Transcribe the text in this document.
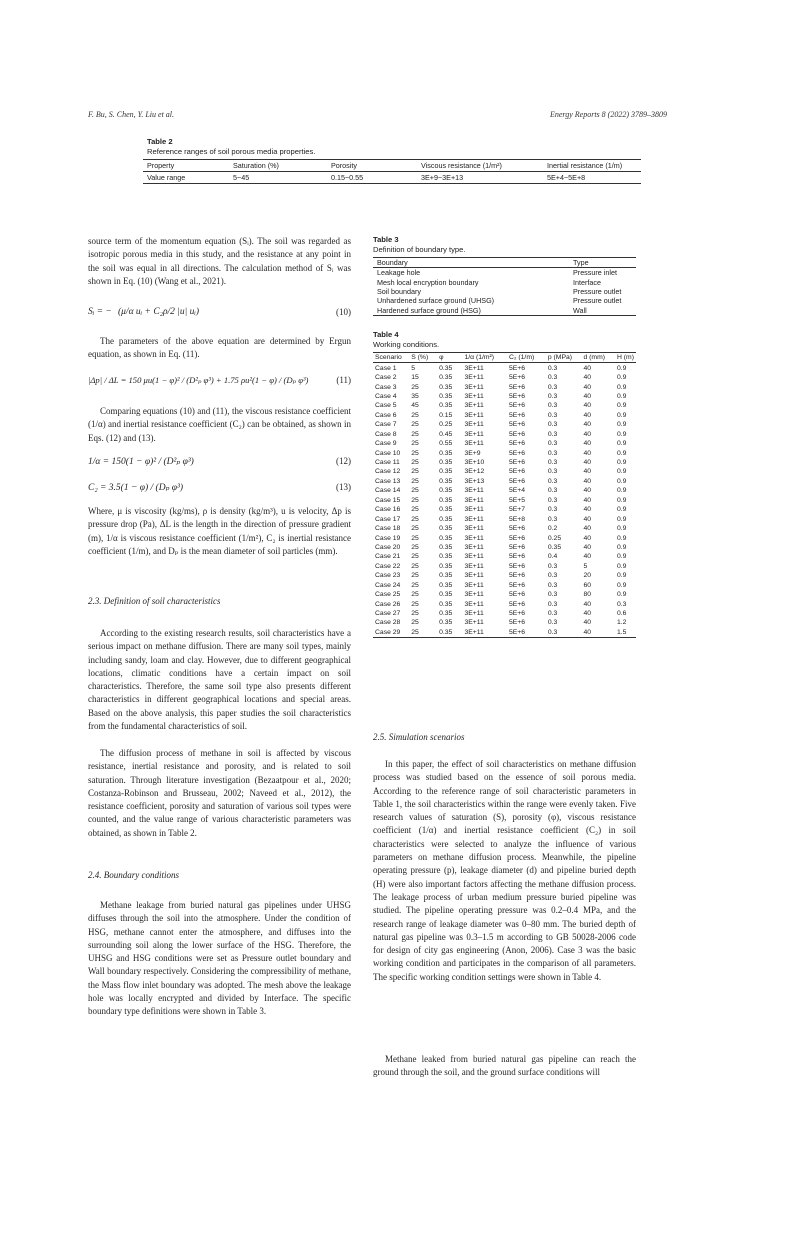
F. Bu, S. Chen, Y. Liu et al.	Energy Reports 8 (2022) 3789–3809
Table 2
Reference ranges of soil porous media properties.
Property	Saturation (%)	Porosity	Viscous resistance (1/m²)	Inertial resistance (1/m)
Value range	5~45	0.15~0.55	3E+9~3E+13	5E+4~5E+8

source term of the momentum equation (Sᵢ). The soil was regarded as isotropic porous media in this study, and the resistance at any point in the soil was equal in all directions. The calculation method of Sᵢ was shown in Eq. (10) (Wang et al., 2021).

Sᵢ = − (μ/α uᵢ + C₂ρ/2 |u| uᵢ)	(10)

The parameters of the above equation are determined by Ergun equation, as shown in Eq. (11).

|Δp| / ΔL = 150 μu(1 − φ)² / (D²ₚ φ³) + 1.75 ρu²(1 − φ) / (Dₚ φ³)	(11)

Comparing equations (10) and (11), the viscous resistance coefficient (1/α) and inertial resistance coefficient (C₂) can be obtained, as shown in Eqs. (12) and (13).

1/α = 150(1 − φ)² / (D²ₚ φ³)	(12)
C₂ = 3.5(1 − φ) / (Dₚ φ³)	(13)

Where, μ is viscosity (kg/ms), ρ is density (kg/m³), u is velocity, Δp is pressure drop (Pa), ΔL is the length in the direction of pressure gradient (m), 1/α is viscous resistance coefficient (1/m²), C₂ is inertial resistance coefficient (1/m), and Dₚ is the mean diameter of soil particles (mm).

2.3. Definition of soil characteristics

According to the existing research results, soil characteristics have a serious impact on methane diffusion. There are many soil types, mainly including sandy, loam and clay. However, due to different geographical locations, climatic conditions have a certain impact on soil characteristics. Therefore, the same soil type also presents different characteristics in different geographical locations and special areas. Based on the above analysis, this paper studies the soil characteristics from the fundamental characteristics of soil.

The diffusion process of methane in soil is affected by viscous resistance, inertial resistance and porosity, and is related to soil saturation. Through literature investigation (Bezaatpour et al., 2020; Costanza-Robinson and Brusseau, 2002; Naveed et al., 2012), the resistance coefficient, porosity and saturation of various soil types were counted, and the value range of various characteristic parameters was obtained, as shown in Table 2.

2.4. Boundary conditions

Methane leakage from buried natural gas pipelines under UHSG diffuses through the soil into the atmosphere. Under the condition of HSG, methane cannot enter the atmosphere, and diffuses into the surrounding soil along the lower surface of the HSG. Therefore, the UHSG and HSG conditions were set as Pressure outlet boundary and Wall boundary respectively. Considering the compressibility of methane, the Mass flow inlet boundary was adopted. The mesh above the leakage hole was locally encrypted and divided by Interface. The specific boundary type definitions were shown in Table 3.

Table 3
Definition of boundary type.
Boundary	Type
Leakage hole	Pressure inlet
Mesh local encryption boundary	Interface
Soil boundary	Pressure outlet
Unhardened surface ground (UHSG)	Pressure outlet
Hardened surface ground (HSG)	Wall
Table 4
Working conditions.
Scenario	S (%)	φ	1/α (1/m²)	C₂ (1/m)	p (MPa)	d (mm)	H (m)
Case 1	5	0.35	3E+11	5E+6	0.3	40	0.9
Case 2	15	0.35	3E+11	5E+6	0.3	40	0.9
Case 3	25	0.35	3E+11	5E+6	0.3	40	0.9
Case 4	35	0.35	3E+11	5E+6	0.3	40	0.9
Case 5	45	0.35	3E+11	5E+6	0.3	40	0.9
Case 6	25	0.15	3E+11	5E+6	0.3	40	0.9
Case 7	25	0.25	3E+11	5E+6	0.3	40	0.9
Case 8	25	0.45	3E+11	5E+6	0.3	40	0.9
Case 9	25	0.55	3E+11	5E+6	0.3	40	0.9
Case 10	25	0.35	3E+9	5E+6	0.3	40	0.9
Case 11	25	0.35	3E+10	5E+6	0.3	40	0.9
Case 12	25	0.35	3E+12	5E+6	0.3	40	0.9
Case 13	25	0.35	3E+13	5E+6	0.3	40	0.9
Case 14	25	0.35	3E+11	5E+4	0.3	40	0.9
Case 15	25	0.35	3E+11	5E+5	0.3	40	0.9
Case 16	25	0.35	3E+11	5E+7	0.3	40	0.9
Case 17	25	0.35	3E+11	5E+8	0.3	40	0.9
Case 18	25	0.35	3E+11	5E+6	0.2	40	0.9
Case 19	25	0.35	3E+11	5E+6	0.25	40	0.9
Case 20	25	0.35	3E+11	5E+6	0.35	40	0.9
Case 21	25	0.35	3E+11	5E+6	0.4	40	0.9
Case 22	25	0.35	3E+11	5E+6	0.3	5	0.9
Case 23	25	0.35	3E+11	5E+6	0.3	20	0.9
Case 24	25	0.35	3E+11	5E+6	0.3	60	0.9
Case 25	25	0.35	3E+11	5E+6	0.3	80	0.9
Case 26	25	0.35	3E+11	5E+6	0.3	40	0.3
Case 27	25	0.35	3E+11	5E+6	0.3	40	0.6
Case 28	25	0.35	3E+11	5E+6	0.3	40	1.2
Case 29	25	0.35	3E+11	5E+6	0.3	40	1.5
2.5. Simulation scenarios

In this paper, the effect of soil characteristics on methane diffusion process was studied based on the essence of soil porous media. According to the reference range of soil characteristic parameters in Table 1, the soil characteristics within the range were evenly taken. Five research values of saturation (S), porosity (φ), viscous resistance coefficient (1/α) and inertial resistance coefficient (C₂) in soil characteristics were selected to analyze the influence of various parameters on methane diffusion process. Meanwhile, the pipeline operating pressure (p), leakage diameter (d) and pipeline buried depth (H) were also important factors affecting the methane diffusion process. The leakage process of urban medium pressure buried pipeline was studied. The pipeline operating pressure was 0.2–0.4 MPa, and the research range of leakage diameter was 0–80 mm. The buried depth of natural gas pipeline was 0.3–1.5 m according to GB 50028-2006 code for design of city gas engineering (Anon, 2006). Case 3 was the basic working condition and participates in the comparison of all parameters. The specific working condition settings were shown in Table 4.

Methane leaked from buried natural gas pipeline can reach the ground through the soil, and the ground surface conditions will
